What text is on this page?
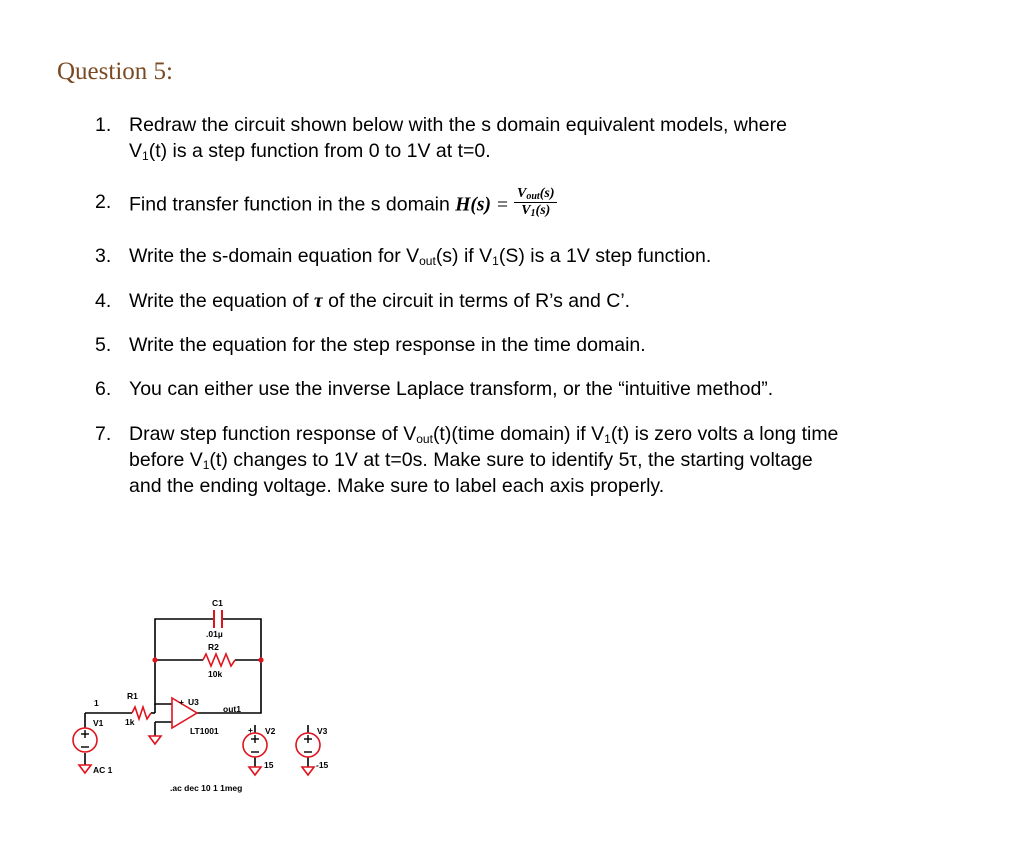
Question 5:
1. Redraw the circuit shown below with the s domain equivalent models, where
$V_1(t)$ is a step function from 0 to 1V at t=0.
2. Find transfer function in the s domain $H(s) = \frac{V_{out}(s)}{V_1(s)}$
3. Write the s-domain equation for $V_{out}(s)$ if $V_1(S)$ is a 1V step function.
4. Write the equation of τ of the circuit in terms of R’s and C’.
5. Write the equation for the step response in the time domain.
6. You can either use the inverse Laplace transform, or the “intuitive method”.
7. Draw step function response of $V_{out}(t)(time$ domain) if $V_1(t)$ is zero volts a long time
before $V_1(t)$ changes to 1V at t=0s. Make sure to identify 5τ, the starting voltage
and the ending voltage. Make sure to label each axis properly.
C1
.01µ
R2
10k
R1
1k
1
V1
AC 1
+ U3
out1
LT1001	+ V2
15
V3
-15
.ac dec 10 1 1meg
